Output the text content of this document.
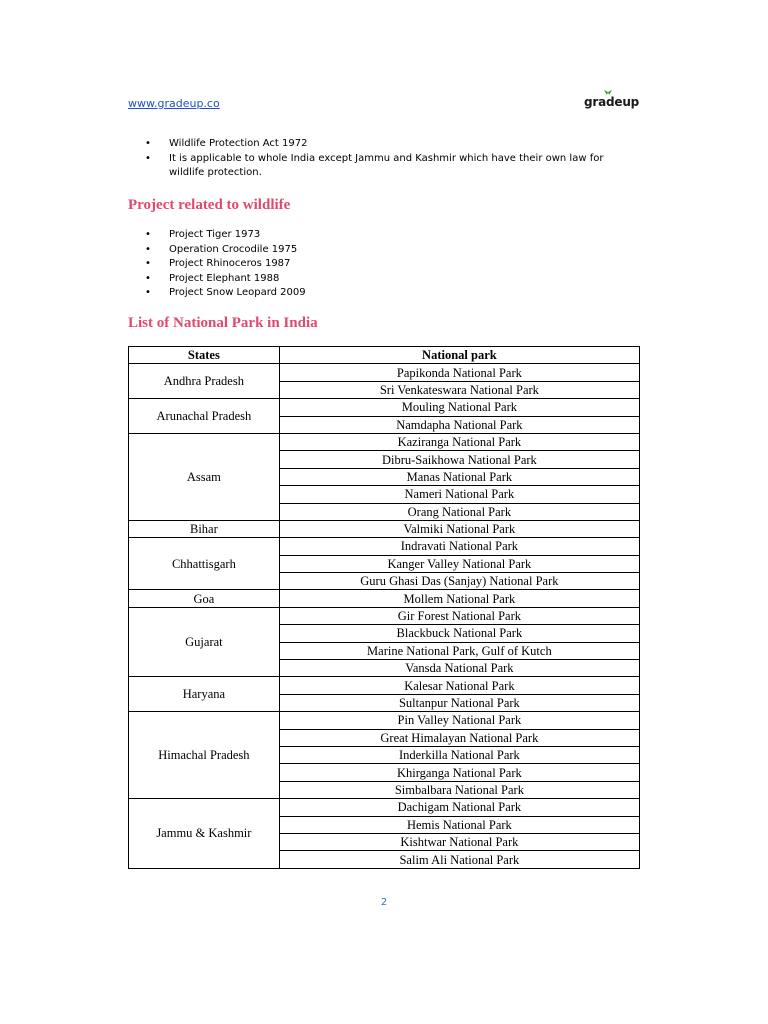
www.gradeup.co	gradeup
• Wildlife Protection Act 1972
• It is applicable to whole India except Jammu and Kashmir which have their own law for wildlife protection.
Project related to wildlife
• Project Tiger 1973
• Operation Crocodile 1975
• Project Rhinoceros 1987
• Project Elephant 1988
• Project Snow Leopard 2009
List of National Park in India
States	National park
Andhra Pradesh	Papikonda National Park
	Sri Venkateswara National Park
Arunachal Pradesh	Mouling National Park
	Namdapha National Park
Assam	Kaziranga National Park
	Dibru-Saikhowa National Park
	Manas National Park
	Nameri National Park
	Orang National Park
Bihar	Valmiki National Park
Chhattisgarh	Indravati National Park
	Kanger Valley National Park
	Guru Ghasi Das (Sanjay) National Park
Goa	Mollem National Park
Gujarat	Gir Forest National Park
	Blackbuck National Park
	Marine National Park, Gulf of Kutch
	Vansda National Park
Haryana	Kalesar National Park
	Sultanpur National Park
Himachal Pradesh	Pin Valley National Park
	Great Himalayan National Park
	Inderkilla National Park
	Khirganga National Park
	Simbalbara National Park
Jammu & Kashmir	Dachigam National Park
	Hemis National Park
	Kishtwar National Park
	Salim Ali National Park
2
